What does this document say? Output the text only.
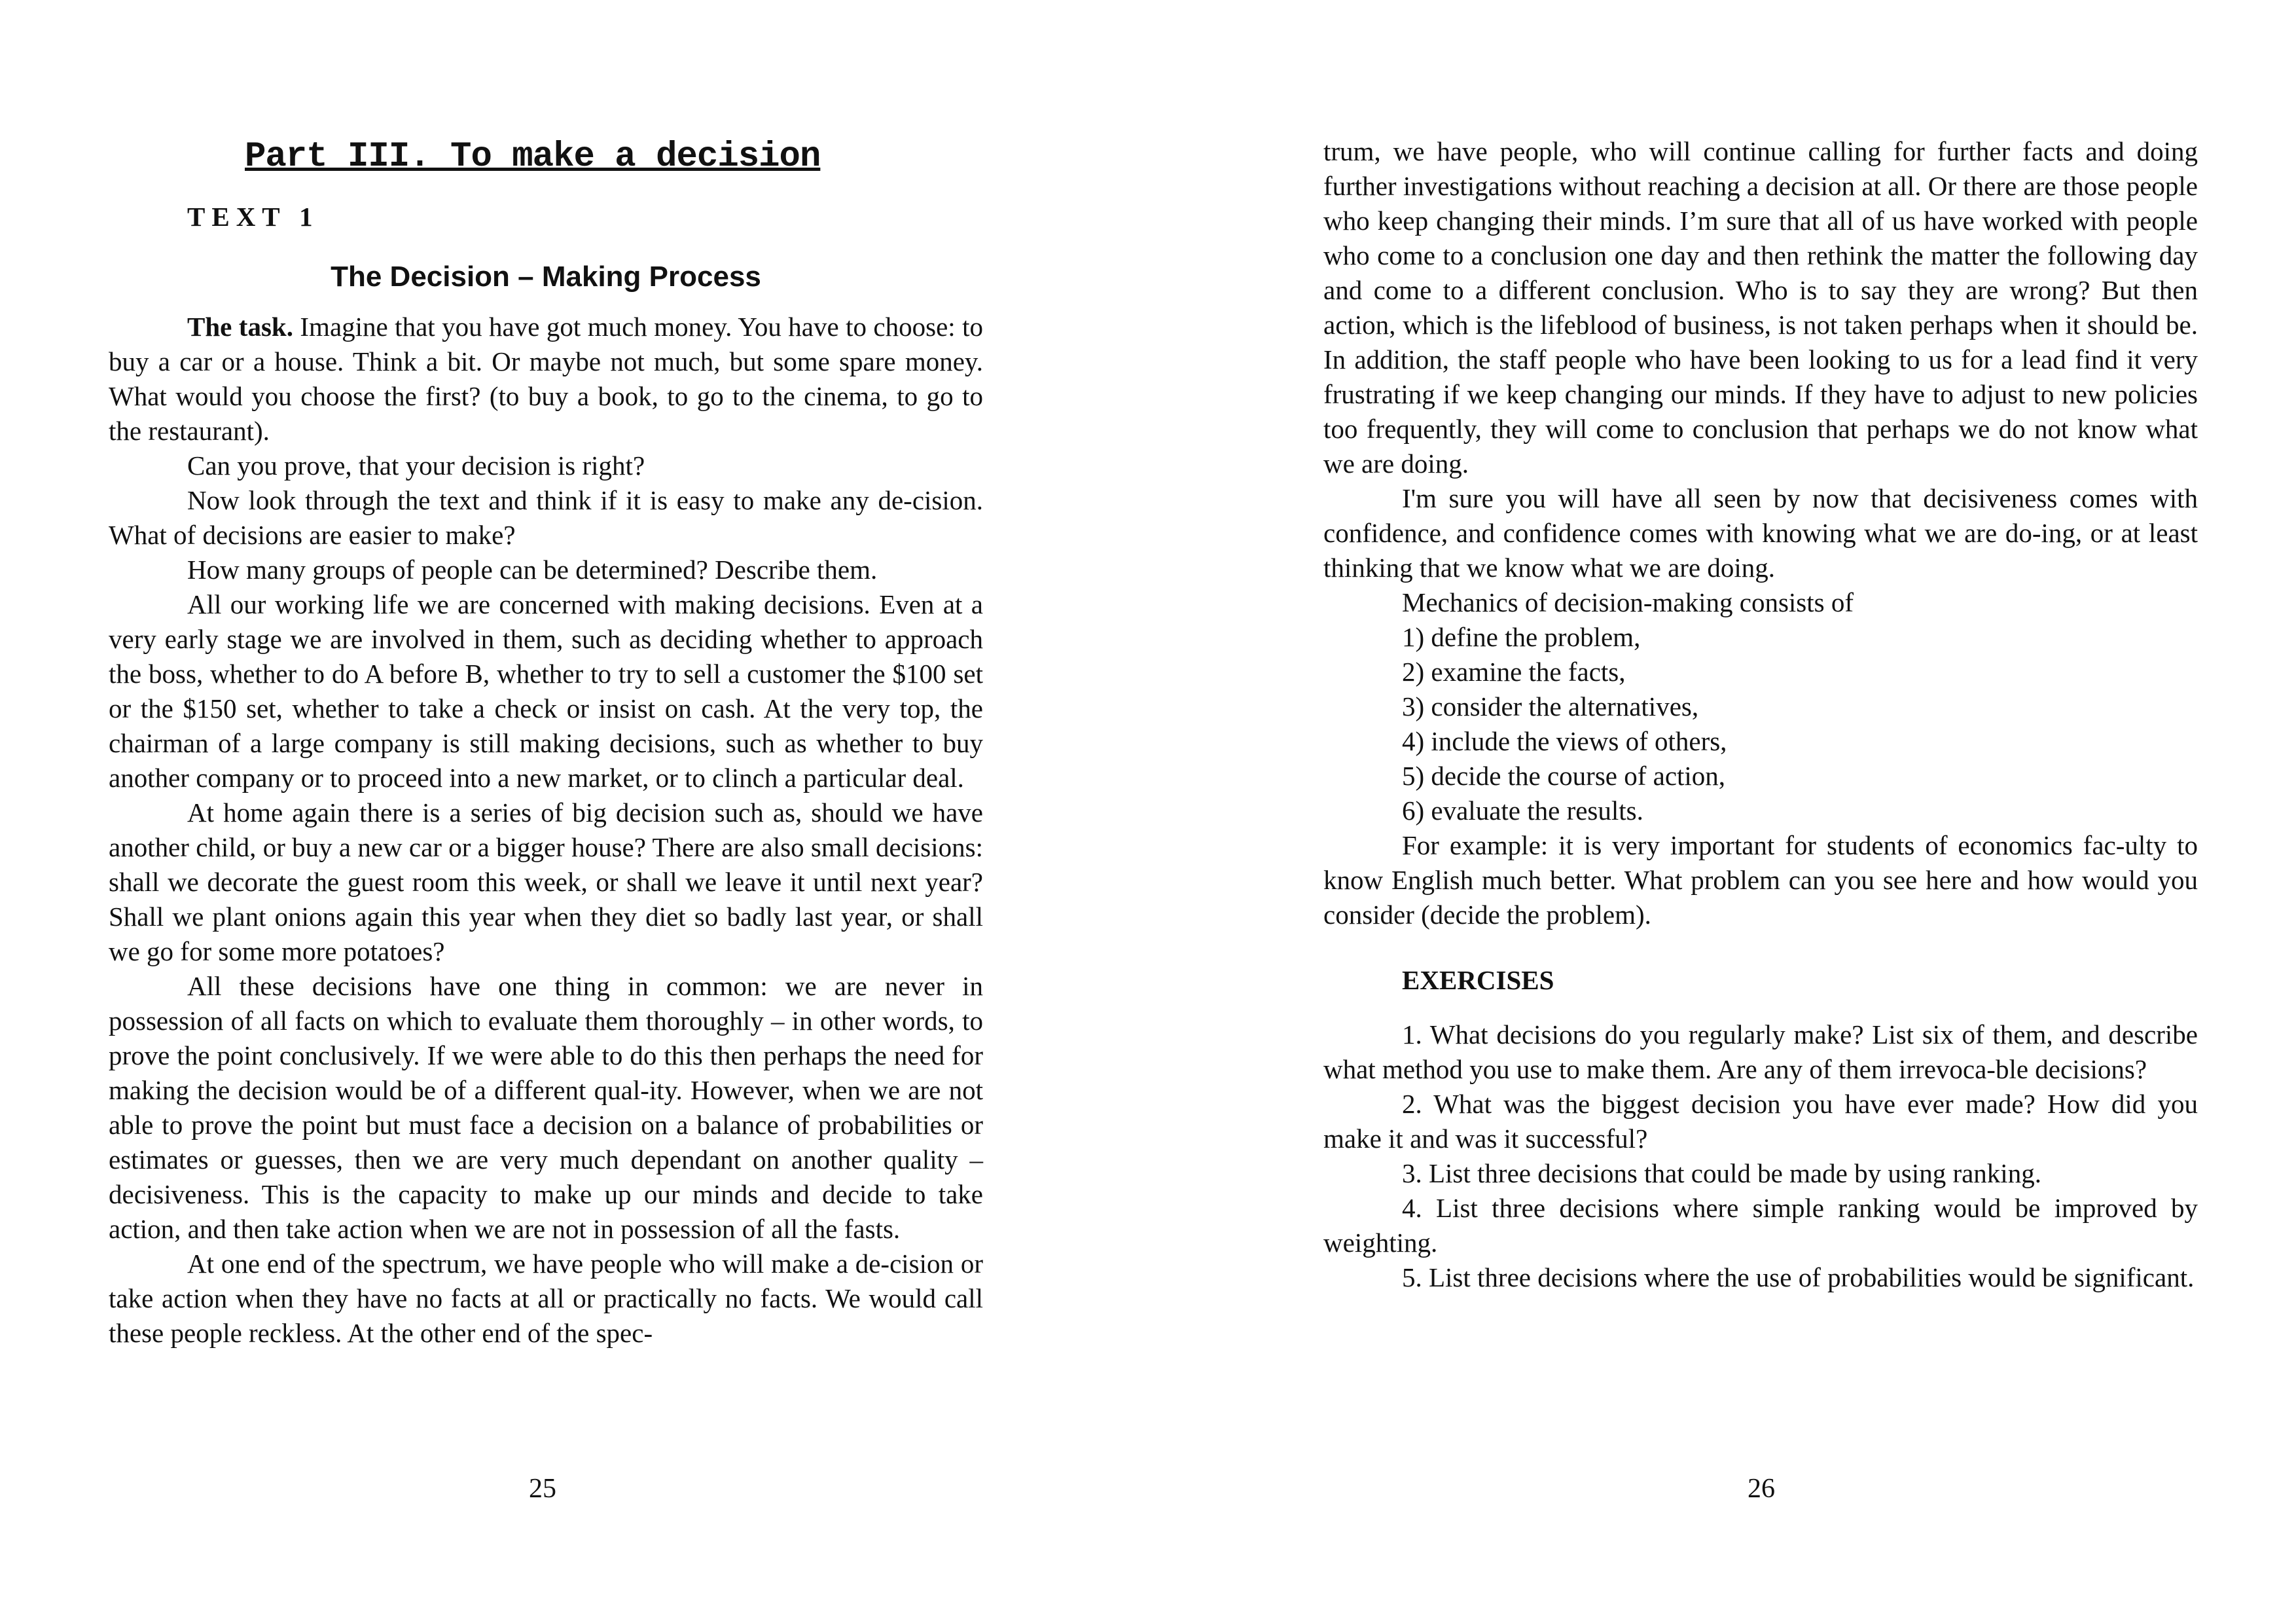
Part III. To make a decision
TEXT 1
The Decision – Making Process

The task. Imagine that you have got much money. You have to choose: to buy a car or a house. Think a bit. Or maybe not much, but some spare money. What would you choose the first? (to buy a book, to go to the cinema, to go to the restaurant).

Can you prove, that your decision is right?

Now look through the text and think if it is easy to make any de-cision. What of decisions are easier to make?

How many groups of people can be determined? Describe them.

All our working life we are concerned with making decisions. Even at a very early stage we are involved in them, such as deciding whether to approach the boss, whether to do A before B, whether to try to sell a customer the $100 set or the $150 set, whether to take a check or insist on cash. At the very top, the chairman of a large company is still making decisions, such as whether to buy another company or to proceed into a new market, or to clinch a particular deal.

At home again there is a series of big decision such as, should we have another child, or buy a new car or a bigger house? There are also small decisions: shall we decorate the guest room this week, or shall we leave it until next year? Shall we plant onions again this year when they diet so badly last year, or shall we go for some more potatoes?

All these decisions have one thing in common: we are never in possession of all facts on which to evaluate them thoroughly – in other words, to prove the point conclusively. If we were able to do this then perhaps the need for making the decision would be of a different qual-ity. However, when we are not able to prove the point but must face a decision on a balance of probabilities or estimates or guesses, then we are very much dependant on another quality – decisiveness. This is the capacity to make up our minds and decide to take action, and then take action when we are not in possession of all the fasts.

At one end of the spectrum, we have people who will make a de-cision or take action when they have no facts at all or practically no facts. We would call these people reckless. At the other end of the spec-

25

trum, we have people, who will continue calling for further facts and doing further investigations without reaching a decision at all. Or there are those people who keep changing their minds. I’m sure that all of us have worked with people who come to a conclusion one day and then rethink the matter the following day and come to a different conclusion. Who is to say they are wrong? But then action, which is the lifeblood of business, is not taken perhaps when it should be. In addition, the staff people who have been looking to us for a lead find it very frustrating if we keep changing our minds. If they have to adjust to new policies too frequently, they will come to conclusion that perhaps we do not know what we are doing.

I'm sure you will have all seen by now that decisiveness comes with confidence, and confidence comes with knowing what we are do-ing, or at least thinking that we know what we are doing.

Mechanics of decision-making consists of
1) define the problem,
2) examine the facts,
3) consider the alternatives,
4) include the views of others,
5) decide the course of action,
6) evaluate the results.

For example: it is very important for students of economics fac-ulty to know English much better. What problem can you see here and how would you consider (decide the problem).

EXERCISES

1. What decisions do you regularly make? List six of them, and describe what method you use to make them. Are any of them irrevoca-ble decisions?

2. What was the biggest decision you have ever made? How did you make it and was it successful?

3. List three decisions that could be made by using ranking.

4. List three decisions where simple ranking would be improved by weighting.

5. List three decisions where the use of probabilities would be significant.

26
